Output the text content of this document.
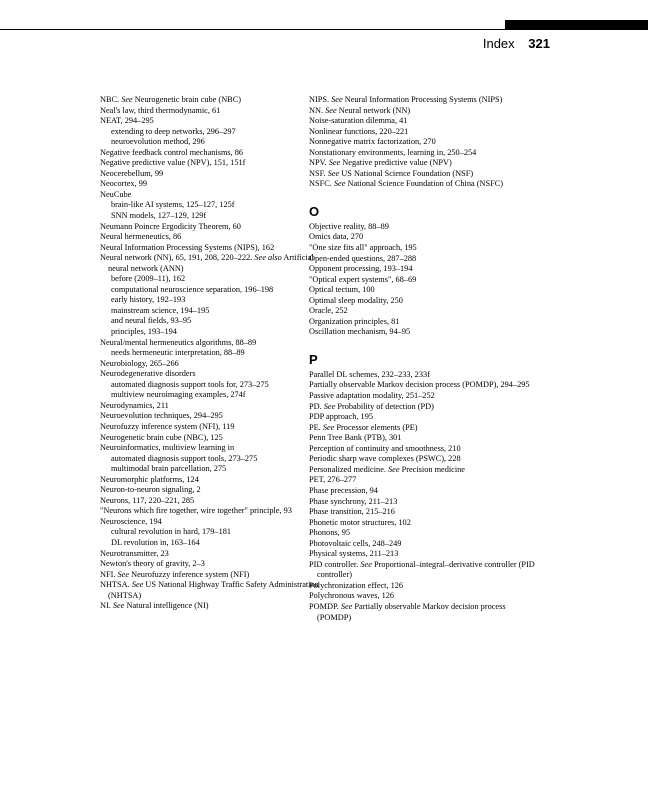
Index 321
NBC. See Neurogenetic brain cube (NBC)
Neal's law, third thermodynamic, 61
NEAT, 294–295
extending to deep networks, 296–297
neuroevolution method, 296
Negative feedback control mechanisms, 86
Negative predictive value (NPV), 151, 151f
Neocerebellum, 99
Neocortex, 99
NeuCube
brain-like AI systems, 125–127, 125f
SNN models, 127–129, 129f
Neumann Poincre Ergodicity Theorem, 60
Neural hermeneutics, 86
Neural Information Processing Systems (NIPS), 162
Neural network (NN), 65, 191, 208, 220–222. See also Artificial neural network (ANN)
before (2009–11), 162
computational neuroscience separation, 196–198
early history, 192–193
mainstream science, 194–195
and neural fields, 93–95
principles, 193–194
Neural/mental hermeneutics algorithms, 88–89
needs hermeneutic interpretation, 88–89
Neurobiology, 265–266
Neurodegenerative disorders
automated diagnosis support tools for, 273–275
multiview neuroimaging examples, 274f
Neurodynamics, 211
Neuroevolution techniques, 294–295
Neurofuzzy inference system (NFI), 119
Neurogenetic brain cube (NBC), 125
Neuroinformatics, multiview learning in
automated diagnosis support tools, 273–275
multimodal brain parcellation, 275
Neuromorphic platforms, 124
Neuron-to-neuron signaling, 2
Neurons, 117, 220–221, 285
"Neurons which fire together, wire together" principle, 93
Neuroscience, 194
cultural revolution in hard, 179–181
DL revolution in, 163–164
Neurotransmitter, 23
Newton's theory of gravity, 2–3
NFI. See Neurofuzzy inference system (NFI)
NHTSA. See US National Highway Traffic Safety Administration (NHTSA)
NI. See Natural intelligence (NI)
NIPS. See Neural Information Processing Systems (NIPS)
NN. See Neural network (NN)
Noise-saturation dilemma, 41
Nonlinear functions, 220–221
Nonnegative matrix factorization, 270
Nonstationary environments, learning in, 250–254
NPV. See Negative predictive value (NPV)
NSF. See US National Science Foundation (NSF)
NSFC. See National Science Foundation of China (NSFC)
O
Objective reality, 88–89
Omics data, 270
"One size fits all" approach, 195
Open-ended questions, 287–288
Opponent processing, 193–194
"Optical expert systems", 68–69
Optical tectum, 100
Optimal sleep modality, 250
Oracle, 252
Organization principles, 81
Oscillation mechanism, 94–95
P
Parallel DL schemes, 232–233, 233f
Partially observable Markov decision process (POMDP), 294–295
Passive adaptation modality, 251–252
PD. See Probability of detection (PD)
PDP approach, 195
PE. See Processor elements (PE)
Penn Tree Bank (PTB), 301
Perception of continuity and smoothness, 210
Periodic sharp wave complexes (PSWC), 228
Personalized medicine. See Precision medicine
PET, 276–277
Phase precession, 94
Phase synchrony, 211–213
Phase transition, 215–216
Phonetic motor structures, 102
Phonons, 95
Photovoltaic cells, 248–249
Physical systems, 211–213
PID controller. See Proportional–integral–derivative controller (PID controller)
Polychronization effect, 126
Polychronous waves, 126
POMDP. See Partially observable Markov decision process (POMDP)
